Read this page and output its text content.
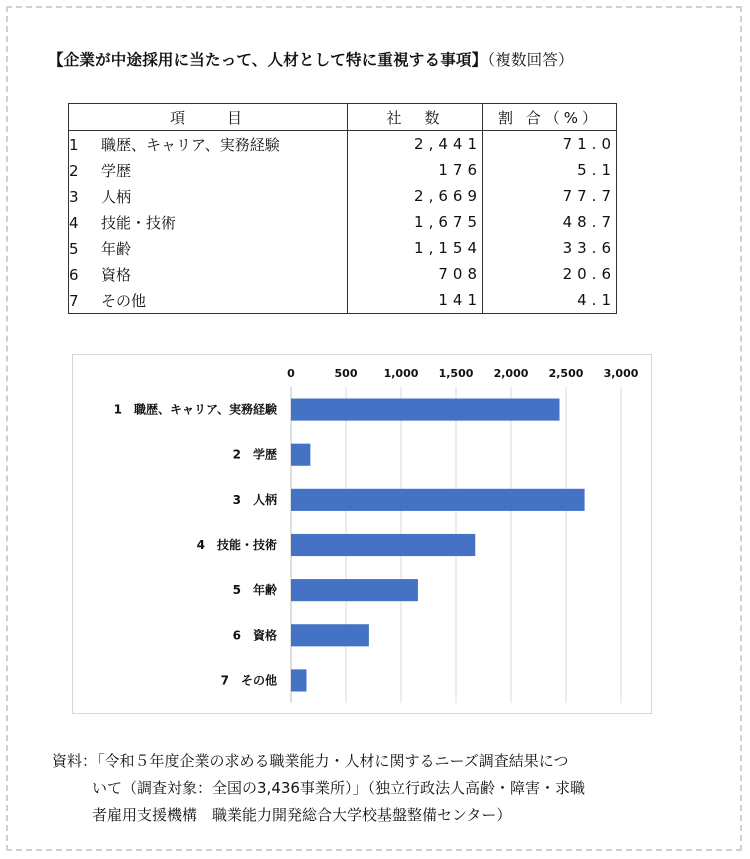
【企業が中途採用に当たって、人材として特に重視する事項】（複数回答）
項　　目	社　数	割 合（%）
1 職歴、キャリア、実務経験	2,441	71.0
2 学歴	176	5.1
3 人柄	2,669	77.7
4 技能・技術	1,675	48.7
5 年齢	1,154	33.6
6 資格	708	20.6
7 その他	141	4.1
0	500 1,000 1,500 2,000 2,500 3,000
1　職歴、キャリア、実務経験
2　学歴
3　人柄
4　技能・技術
5　年齢
6　資格
7　その他
資料：「令和５年度企業の求める職業能力・人材に関するニーズ調査結果につ
いて（調査対象：全国の3,436事業所）」（独立行政法人高齢・障害・求職
者雇用支援機構　職業能力開発総合大学校基盤整備センター）
